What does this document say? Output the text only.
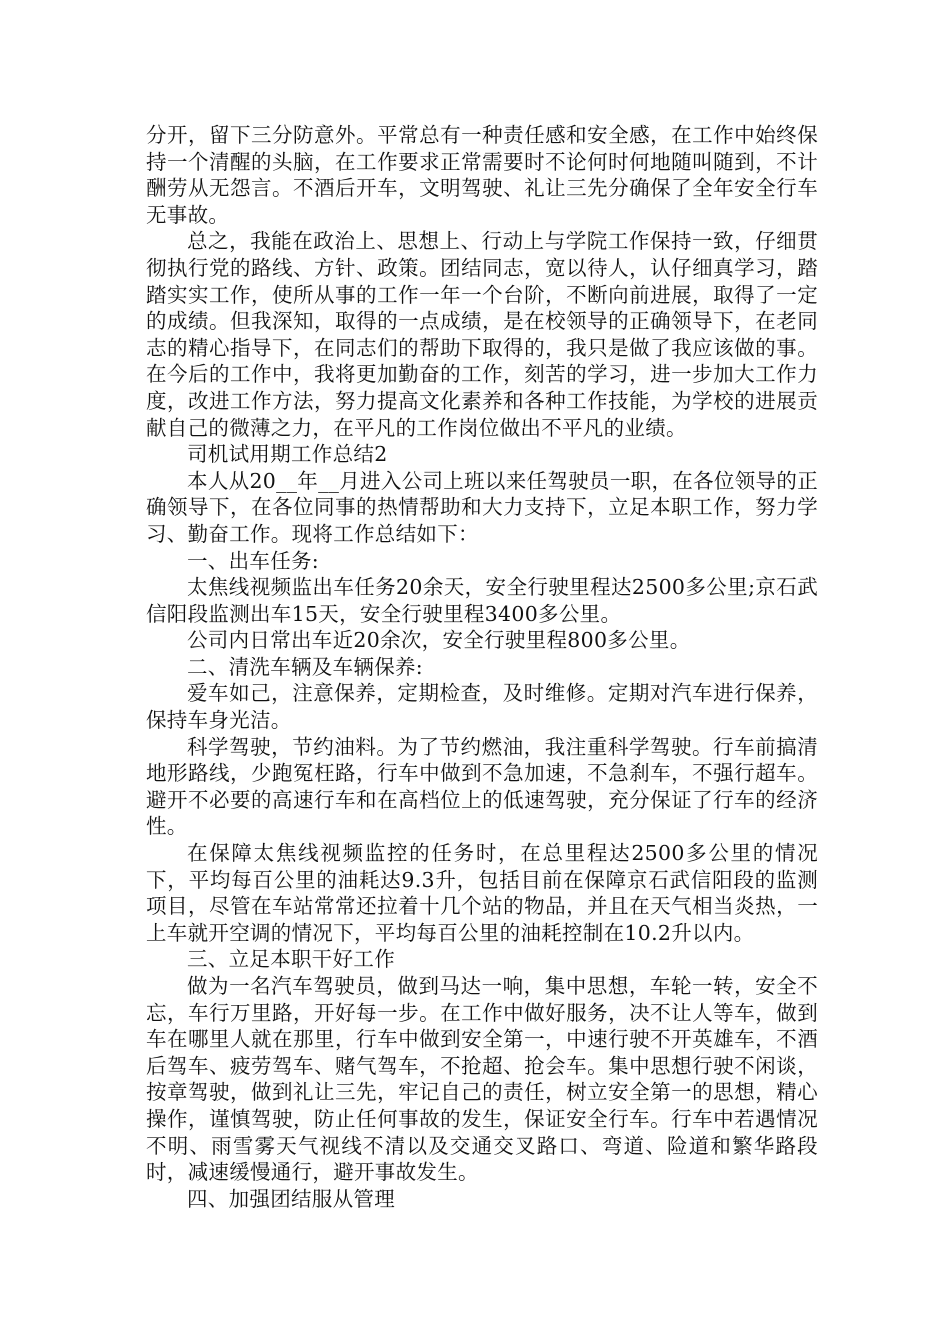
分开，留下三分防意外。平常总有一种责任感和安全感，在工作中始终保持一个清醒的头脑，在工作要求正常需要时不论何时何地随叫随到，不计酬劳从无怨言。不酒后开车，文明驾驶、礼让三先分确保了全年安全行车无事故。

总之，我能在政治上、思想上、行动上与学院工作保持一致，仔细贯彻执行党的路线、方针、政策。团结同志，宽以待人，认仔细真学习，踏踏实实工作，使所从事的工作一年一个台阶，不断向前进展，取得了一定的成绩。但我深知，取得的一点成绩，是在校领导的正确领导下，在老同志的精心指导下，在同志们的帮助下取得的，我只是做了我应该做的事。在今后的工作中，我将更加勤奋的工作，刻苦的学习，进一步加大工作力度，改进工作方法，努力提高文化素养和各种工作技能，为学校的进展贡献自己的微薄之力，在平凡的工作岗位做出不平凡的业绩。

司机试用期工作总结2

本人从20__年__月进入公司上班以来任驾驶员一职，在各位领导的正确领导下，在各位同事的热情帮助和大力支持下，立足本职工作，努力学习、勤奋工作。现将工作总结如下：

一、出车任务:

太焦线视频监出车任务20余天，安全行驶里程达2500多公里;京石武信阳段监测出车15天，安全行驶里程3400多公里。

公司内日常出车近20余次，安全行驶里程800多公里。

二、清洗车辆及车辆保养:

爱车如己，注意保养，定期检查，及时维修。定期对汽车进行保养，保持车身光洁。

科学驾驶，节约油料。为了节约燃油，我注重科学驾驶。行车前搞清地形路线，少跑冤枉路，行车中做到不急加速，不急刹车，不强行超车。避开不必要的高速行车和在高档位上的低速驾驶，充分保证了行车的经济性。

在保障太焦线视频监控的任务时，在总里程达2500多公里的情况下，平均每百公里的油耗达9.3升，包括目前在保障京石武信阳段的监测项目，尽管在车站常常还拉着十几个站的物品，并且在天气相当炎热，一上车就开空调的情况下，平均每百公里的油耗控制在10.2升以内。

三、立足本职干好工作

做为一名汽车驾驶员，做到马达一响，集中思想，车轮一转，安全不忘，车行万里路，开好每一步。在工作中做好服务，决不让人等车，做到车在哪里人就在那里，行车中做到安全第一，中速行驶不开英雄车，不酒后驾车、疲劳驾车、赌气驾车，不抢超、抢会车。集中思想行驶不闲谈，按章驾驶，做到礼让三先，牢记自己的责任，树立安全第一的思想，精心操作，谨慎驾驶，防止任何事故的发生，保证安全行车。行车中若遇情况不明、雨雪雾天气视线不清以及交通交叉路口、弯道、险道和繁华路段时，减速缓慢通行，避开事故发生。

四、加强团结服从管理
